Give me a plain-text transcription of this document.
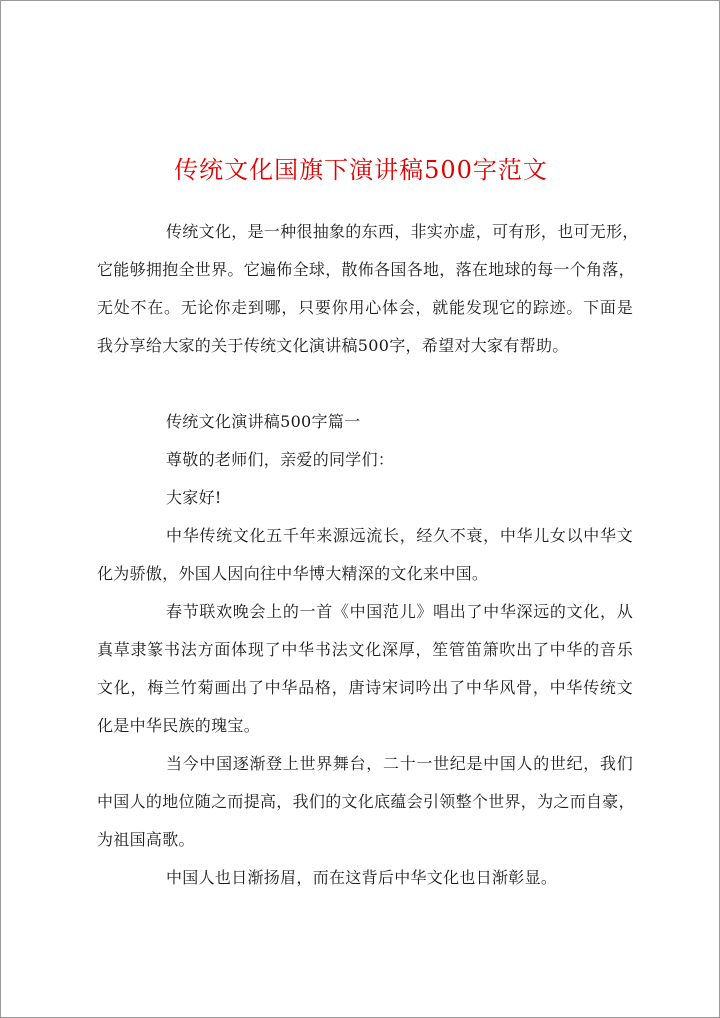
传统文化国旗下演讲稿500字范文
传统文化，是一种很抽象的东西，非实亦虚，可有形，也可无形，
它能够拥抱全世界。它遍佈全球，散佈各国各地，落在地球的每一个角落，
无处不在。无论你走到哪，只要你用心体会，就能发现它的踪迹。下面是
我分享给大家的关于传统文化演讲稿500字，希望对大家有帮助。
传统文化演讲稿500字篇一
尊敬的老师们，亲爱的同学们：
大家好!
中华传统文化五千年来源远流长，经久不衰，中华儿女以中华文
化为骄傲，外国人因向往中华博大精深的文化来中国。
春节联欢晚会上的一首《中国范儿》唱出了中华深远的文化，从
真草隶篆书法方面体现了中华书法文化深厚，笙管笛箫吹出了中华的音乐
文化，梅兰竹菊画出了中华品格，唐诗宋词吟出了中华风骨，中华传统文
化是中华民族的瑰宝。
当今中国逐渐登上世界舞台，二十一世纪是中国人的世纪，我们
中国人的地位随之而提高，我们的文化底蕴会引领整个世界，为之而自豪，
为祖国高歌。
中国人也日渐扬眉，而在这背后中华文化也日渐彰显。
